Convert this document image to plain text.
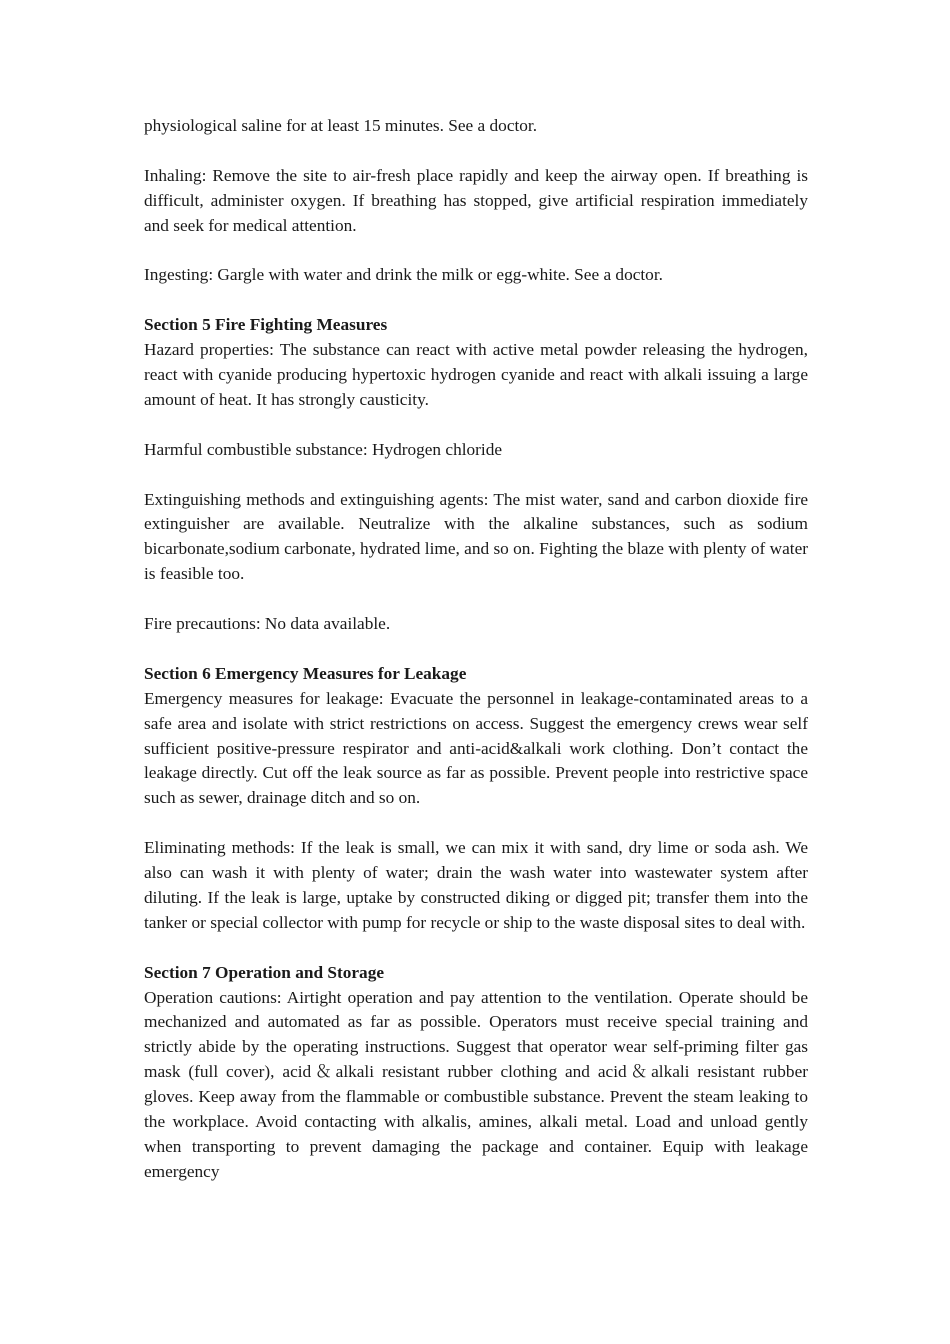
physiological saline for at least 15 minutes. See a doctor.

Inhaling: Remove the site to air-fresh place rapidly and keep the airway open. If breathing is difficult, administer oxygen. If breathing has stopped, give artificial respiration immediately and seek for medical attention.

Ingesting: Gargle with water and drink the milk or egg-white. See a doctor.

Section 5 Fire Fighting Measures

Hazard properties: The substance can react with active metal powder releasing the hydrogen, react with cyanide producing hypertoxic hydrogen cyanide and react with alkali issuing a large amount of heat. It has strongly causticity.

Harmful combustible substance: Hydrogen chloride

Extinguishing methods and extinguishing agents: The mist water, sand and carbon dioxide fire extinguisher are available. Neutralize with the alkaline substances, such as sodium bicarbonate,sodium carbonate, hydrated lime, and so on. Fighting the blaze with plenty of water is feasible too.

Fire precautions: No data available.

Section 6 Emergency Measures for Leakage

Emergency measures for leakage: Evacuate the personnel in leakage-contaminated areas to a safe area and isolate with strict restrictions on access. Suggest the emergency crews wear self sufficient positive-pressure respirator and anti-acid&alkali work clothing. Don’t contact the leakage directly. Cut off the leak source as far as possible. Prevent people into restrictive space such as sewer, drainage ditch and so on.

Eliminating methods: If the leak is small, we can mix it with sand, dry lime or soda ash. We also can wash it with plenty of water; drain the wash water into wastewater system after diluting. If the leak is large, uptake by constructed diking or digged pit; transfer them into the tanker or special collector with pump for recycle or ship to the waste disposal sites to deal with.

Section 7 Operation and Storage

Operation cautions: Airtight operation and pay attention to the ventilation. Operate should be mechanized and automated as far as possible. Operators must receive special training and strictly abide by the operating instructions. Suggest that operator wear self-priming filter gas mask (full cover), acid＆alkali resistant rubber clothing and acid＆alkali resistant rubber gloves. Keep away from the flammable or combustible substance. Prevent the steam leaking to the workplace. Avoid contacting with alkalis, amines, alkali metal. Load and unload gently when transporting to prevent damaging the package and container. Equip with leakage emergency
